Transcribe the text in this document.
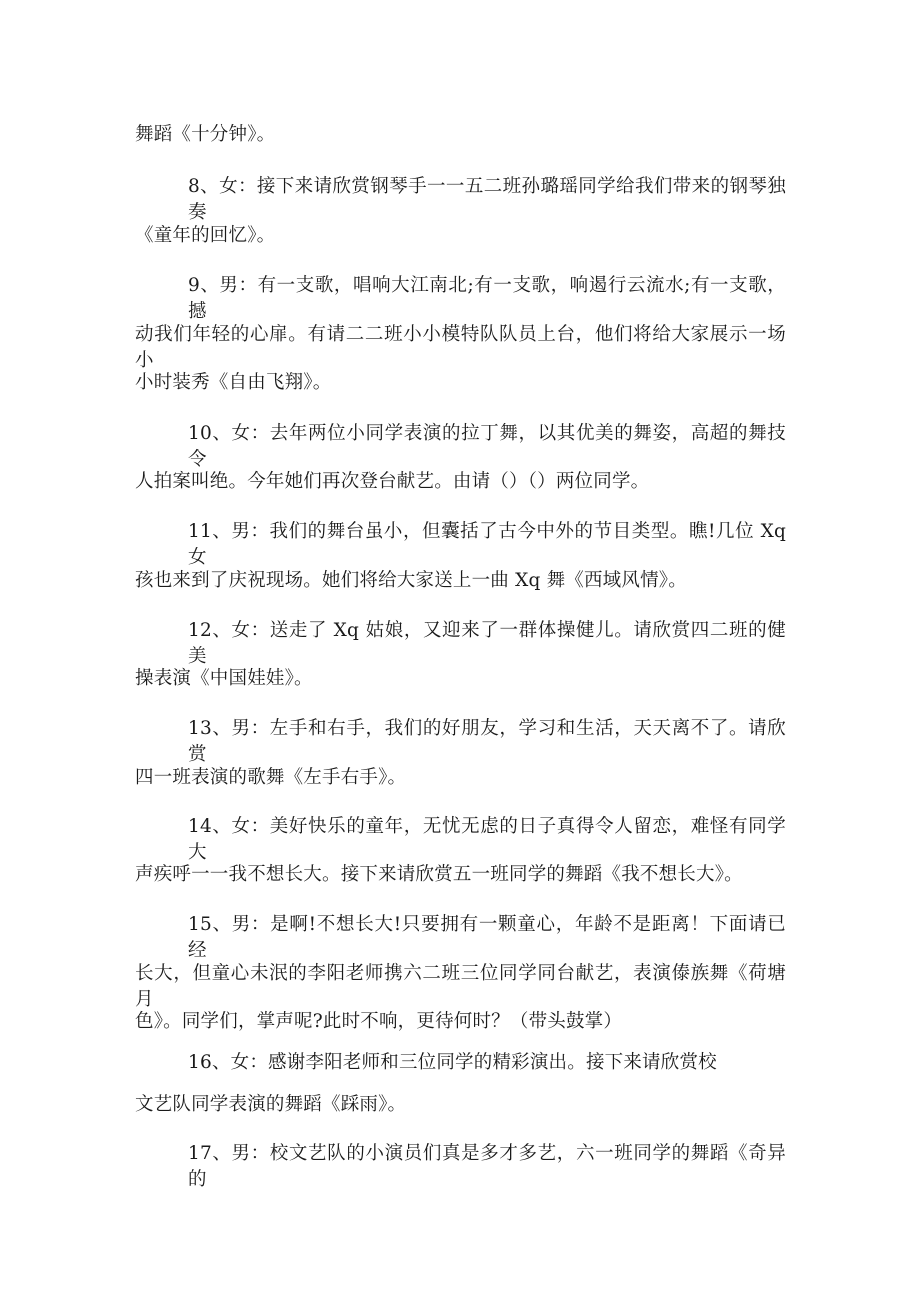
舞蹈《十分钟》。
8、女：接下来请欣赏钢琴手一一五二班孙璐瑶同学给我们带来的钢琴独奏
《童年的回忆》。
9、男：有一支歌，唱响大江南北;有一支歌，响遏行云流水;有一支歌，撼
动我们年轻的心扉。有请二二班小小模特队队员上台，他们将给大家展示一场小
小时装秀《自由飞翔》。
10、女：去年两位小同学表演的拉丁舞，以其优美的舞姿，高超的舞技令
人拍案叫绝。今年她们再次登台献艺。由请（）（）两位同学。
11、男：我们的舞台虽小，但囊括了古今中外的节目类型。瞧!几位 Xq 女
孩也来到了庆祝现场。她们将给大家送上一曲 Xq 舞《西域风情》。
12、女：送走了 Xq 姑娘，又迎来了一群体操健儿。请欣赏四二班的健美
操表演《中国娃娃》。
13、男：左手和右手，我们的好朋友，学习和生活，天天离不了。请欣赏
四一班表演的歌舞《左手右手》。
14、女：美好快乐的童年，无忧无虑的日子真得令人留恋，难怪有同学大
声疾呼一一我不想长大。接下来请欣赏五一班同学的舞蹈《我不想长大》。
15、男：是啊!不想长大!只要拥有一颗童心，年龄不是距离！下面请已经
长大，但童心未泯的李阳老师携六二班三位同学同台献艺，表演傣族舞《荷塘月
色》。同学们，掌声呢?此时不响，更待何时？（带头鼓掌）
16、女：感谢李阳老师和三位同学的精彩演出。接下来请欣赏校
文艺队同学表演的舞蹈《踩雨》。
17、男：校文艺队的小演员们真是多才多艺，六一班同学的舞蹈《奇异的
